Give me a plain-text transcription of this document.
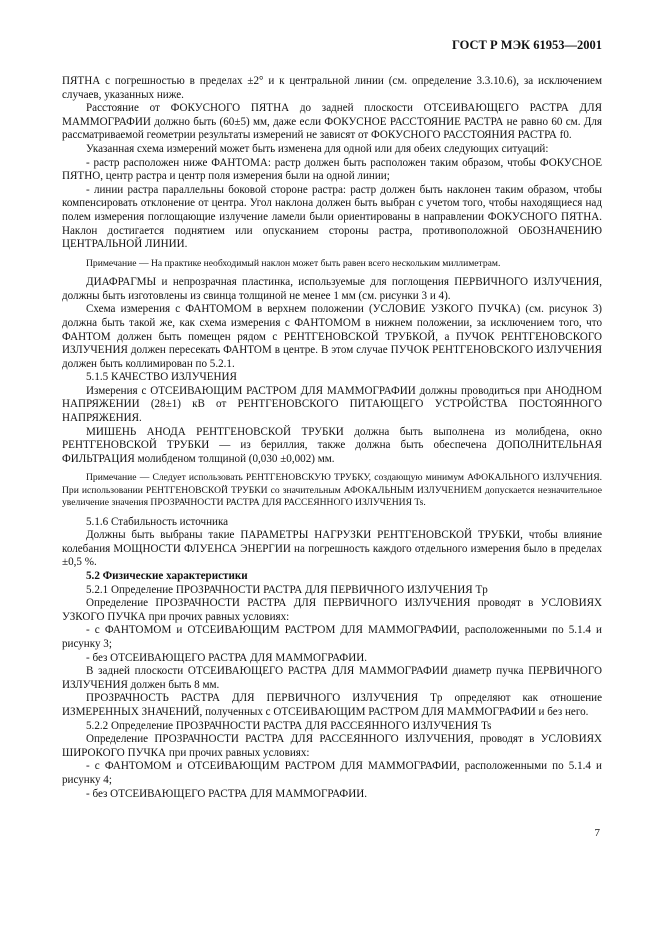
ГОСТ Р МЭК 61953—2001

ПЯТНА с погрешностью в пределах ±2° и к центральной линии (см. определение 3.3.10.6), за исключением случаев, указанных ниже.

Расстояние от ФОКУСНОГО ПЯТНА до задней плоскости ОТСЕИВАЮЩЕГО РАСТРА ДЛЯ МАММОГРАФИИ должно быть (60±5) мм, даже если ФОКУСНОЕ РАССТОЯНИЕ РАСТРА не равно 60 см. Для рассматриваемой геометрии результаты измерений не зависят от ФОКУСНОГО РАССТОЯНИЯ РАСТРА f0.

Указанная схема измерений может быть изменена для одной или для обеих следующих ситуаций:

- растр расположен ниже ФАНТОМА: растр должен быть расположен таким образом, чтобы ФОКУСНОЕ ПЯТНО, центр растра и центр поля измерения были на одной линии;

- линии растра параллельны боковой стороне растра: растр должен быть наклонен таким образом, чтобы компенсировать отклонение от центра. Угол наклона должен быть выбран с учетом того, чтобы находящиеся над полем измерения поглощающие излучение ламели были ориентированы в направлении ФОКУСНОГО ПЯТНА. Наклон достигается поднятием или опусканием стороны растра, противоположной ОБОЗНАЧЕНИЮ ЦЕНТРАЛЬНОЙ ЛИНИИ.

Примечание — На практике необходимый наклон может быть равен всего нескольким миллиметрам.

ДИАФРАГМЫ и непрозрачная пластинка, используемые для поглощения ПЕРВИЧНОГО ИЗЛУЧЕНИЯ, должны быть изготовлены из свинца толщиной не менее 1 мм (см. рисунки 3 и 4).

Схема измерения с ФАНТОМОМ в верхнем положении (УСЛОВИЕ УЗКОГО ПУЧКА) (см. рисунок 3) должна быть такой же, как схема измерения с ФАНТОМОМ в нижнем положении, за исключением того, что ФАНТОМ должен быть помещен рядом с РЕНТГЕНОВСКОЙ ТРУБКОЙ, а ПУЧОК РЕНТГЕНОВСКОГО ИЗЛУЧЕНИЯ должен пересекать ФАНТОМ в центре. В этом случае ПУЧОК РЕНТГЕНОВСКОГО ИЗЛУЧЕНИЯ должен быть коллимирован по 5.2.1.

5.1.5 КАЧЕСТВО ИЗЛУЧЕНИЯ

Измерения с ОТСЕИВАЮЩИМ РАСТРОМ ДЛЯ МАММОГРАФИИ должны проводиться при АНОДНОМ НАПРЯЖЕНИИ (28±1) кВ от РЕНТГЕНОВСКОГО ПИТАЮЩЕГО УСТРОЙСТВА ПОСТОЯННОГО НАПРЯЖЕНИЯ.

МИШЕНЬ АНОДА РЕНТГЕНОВСКОЙ ТРУБКИ должна быть выполнена из молибдена, окно РЕНТГЕНОВСКОЙ ТРУБКИ — из бериллия, также должна быть обеспечена ДОПОЛНИТЕЛЬНАЯ ФИЛЬТРАЦИЯ молибденом толщиной (0,030 ±0,002) мм.

Примечание — Следует использовать РЕНТГЕНОВСКУЮ ТРУБКУ, создающую минимум АФОКАЛЬНОГО ИЗЛУЧЕНИЯ. При использовании РЕНТГЕНОВСКОЙ ТРУБКИ со значительным АФОКАЛЬНЫМ ИЗЛУЧЕНИЕМ допускается незначительное увеличение значения ПРОЗРАЧНОСТИ РАСТРА ДЛЯ РАССЕЯННОГО ИЗЛУЧЕНИЯ Ts.

5.1.6 Стабильность источника

Должны быть выбраны такие ПАРАМЕТРЫ НАГРУЗКИ РЕНТГЕНОВСКОЙ ТРУБКИ, чтобы влияние колебания МОЩНОСТИ ФЛУЕНСА ЭНЕРГИИ на погрешность каждого отдельного измерения было в пределах ±0,5 %.

5.2 Физические характеристики

5.2.1 Определение ПРОЗРАЧНОСТИ РАСТРА ДЛЯ ПЕРВИЧНОГО ИЗЛУЧЕНИЯ Tp

Определение ПРОЗРАЧНОСТИ РАСТРА ДЛЯ ПЕРВИЧНОГО ИЗЛУЧЕНИЯ проводят в УСЛОВИЯХ УЗКОГО ПУЧКА при прочих равных условиях:

- с ФАНТОМОМ и ОТСЕИВАЮЩИМ РАСТРОМ ДЛЯ МАММОГРАФИИ, расположенными по 5.1.4 и рисунку 3;

- без ОТСЕИВАЮЩЕГО РАСТРА ДЛЯ МАММОГРАФИИ.

В задней плоскости ОТСЕИВАЮЩЕГО РАСТРА ДЛЯ МАММОГРАФИИ диаметр пучка ПЕРВИЧНОГО ИЗЛУЧЕНИЯ должен быть 8 мм.

ПРОЗРАЧНОСТЬ РАСТРА ДЛЯ ПЕРВИЧНОГО ИЗЛУЧЕНИЯ Tp определяют как отношение ИЗМЕРЕННЫХ ЗНАЧЕНИЙ, полученных с ОТСЕИВАЮЩИМ РАСТРОМ ДЛЯ МАММОГРАФИИ и без него.

5.2.2 Определение ПРОЗРАЧНОСТИ РАСТРА ДЛЯ РАССЕЯННОГО ИЗЛУЧЕНИЯ Ts

Определение ПРОЗРАЧНОСТИ РАСТРА ДЛЯ РАССЕЯННОГО ИЗЛУЧЕНИЯ, проводят в УСЛОВИЯХ ШИРОКОГО ПУЧКА при прочих равных условиях:

- с ФАНТОМОМ и ОТСЕИВАЮЩИМ РАСТРОМ ДЛЯ МАММОГРАФИИ, расположенными по 5.1.4 и рисунку 4;

- без ОТСЕИВАЮЩЕГО РАСТРА ДЛЯ МАММОГРАФИИ.

7
